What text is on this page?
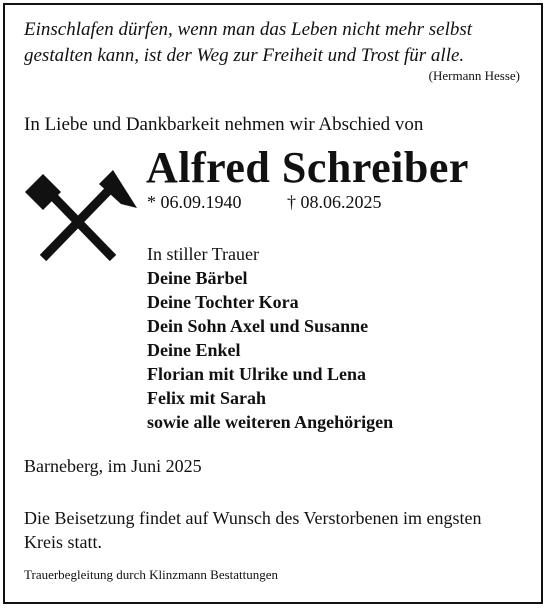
Einschlafen dürfen, wenn man das Leben nicht mehr selbst
gestalten kann, ist der Weg zur Freiheit und Trost für alle.
(Hermann Hesse)
In Liebe und Dankbarkeit nehmen wir Abschied von
Alfred Schreiber
* 06.09.1940	† 08.06.2025
In stiller Trauer
Deine Bärbel
Deine Tochter Kora
Dein Sohn Axel und Susanne
Deine Enkel
Florian mit Ulrike und Lena
Felix mit Sarah
sowie alle weiteren Angehörigen
Barneberg, im Juni 2025
Die Beisetzung findet auf Wunsch des Verstorbenen im engsten
Kreis statt.
Trauerbegleitung durch Klinzmann Bestattungen
